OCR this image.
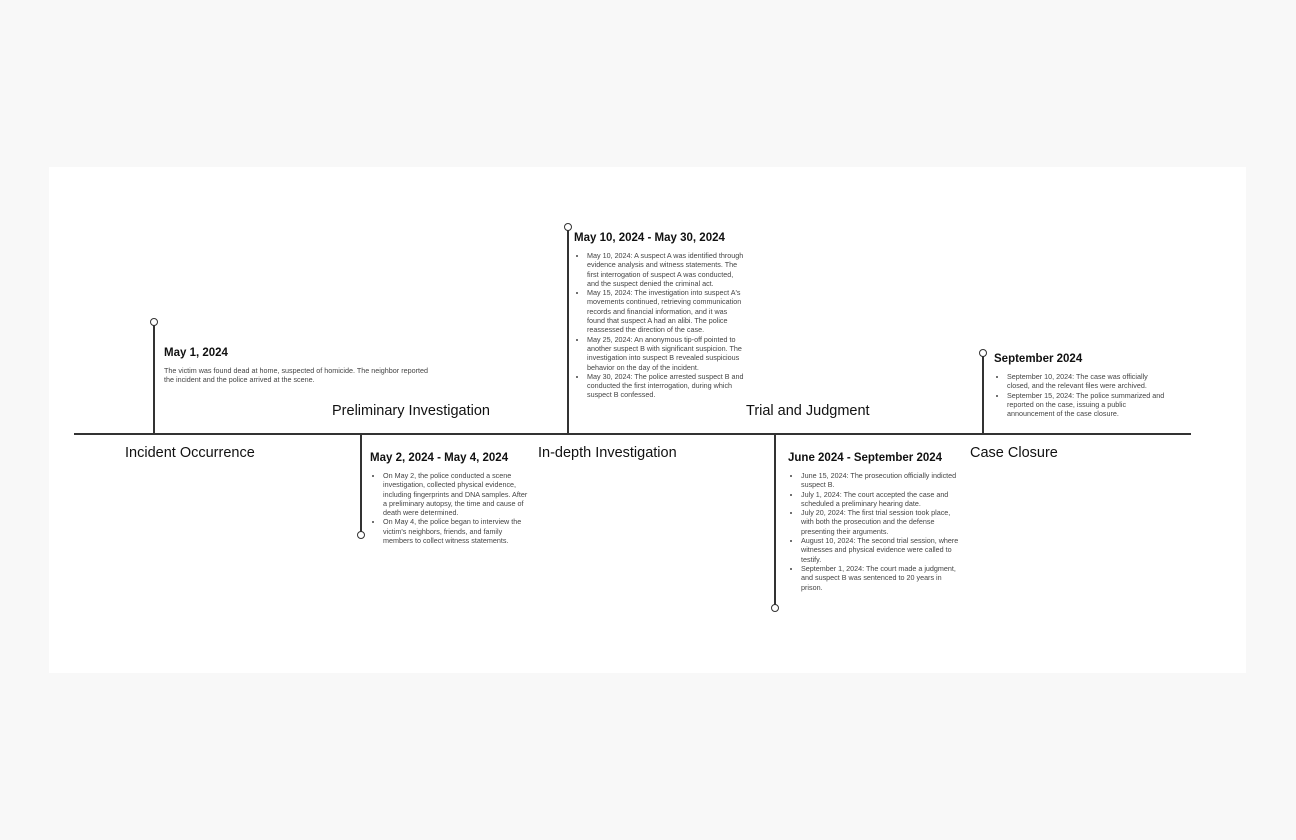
Incident Occurrence
Preliminary Investigation
In-depth Investigation
Trial and Judgment
Case Closure
May 1, 2024

The victim was found dead at home, suspected of homicide. The neighbor reported the incident and the police arrived at the scene.

May 2, 2024 - May 4, 2024
• On May 2, the police conducted a scene investigation, collected physical evidence, including fingerprints and DNA samples. After a preliminary autopsy, the time and cause of death were determined.
• On May 4, the police began to interview the victim's neighbors, friends, and family members to collect witness statements.
May 10, 2024 - May 30, 2024
• May 10, 2024: A suspect A was identified through evidence analysis and witness statements. The first interrogation of suspect A was conducted, and the suspect denied the criminal act.
• May 15, 2024: The investigation into suspect A's movements continued, retrieving communication records and financial information, and it was found that suspect A had an alibi. The police reassessed the direction of the case.
• May 25, 2024: An anonymous tip-off pointed to another suspect B with significant suspicion. The investigation into suspect B revealed suspicious behavior on the day of the incident.
• May 30, 2024: The police arrested suspect B and conducted the first interrogation, during which suspect B confessed.
June 2024 - September 2024
• June 15, 2024: The prosecution officially indicted suspect B.
• July 1, 2024: The court accepted the case and scheduled a preliminary hearing date.
• July 20, 2024: The first trial session took place, with both the prosecution and the defense presenting their arguments.
• August 10, 2024: The second trial session, where witnesses and physical evidence were called to testify.
• September 1, 2024: The court made a judgment, and suspect B was sentenced to 20 years in prison.
September 2024
• September 10, 2024: The case was officially closed, and the relevant files were archived.
• September 15, 2024: The police summarized and reported on the case, issuing a public announcement of the case closure.
